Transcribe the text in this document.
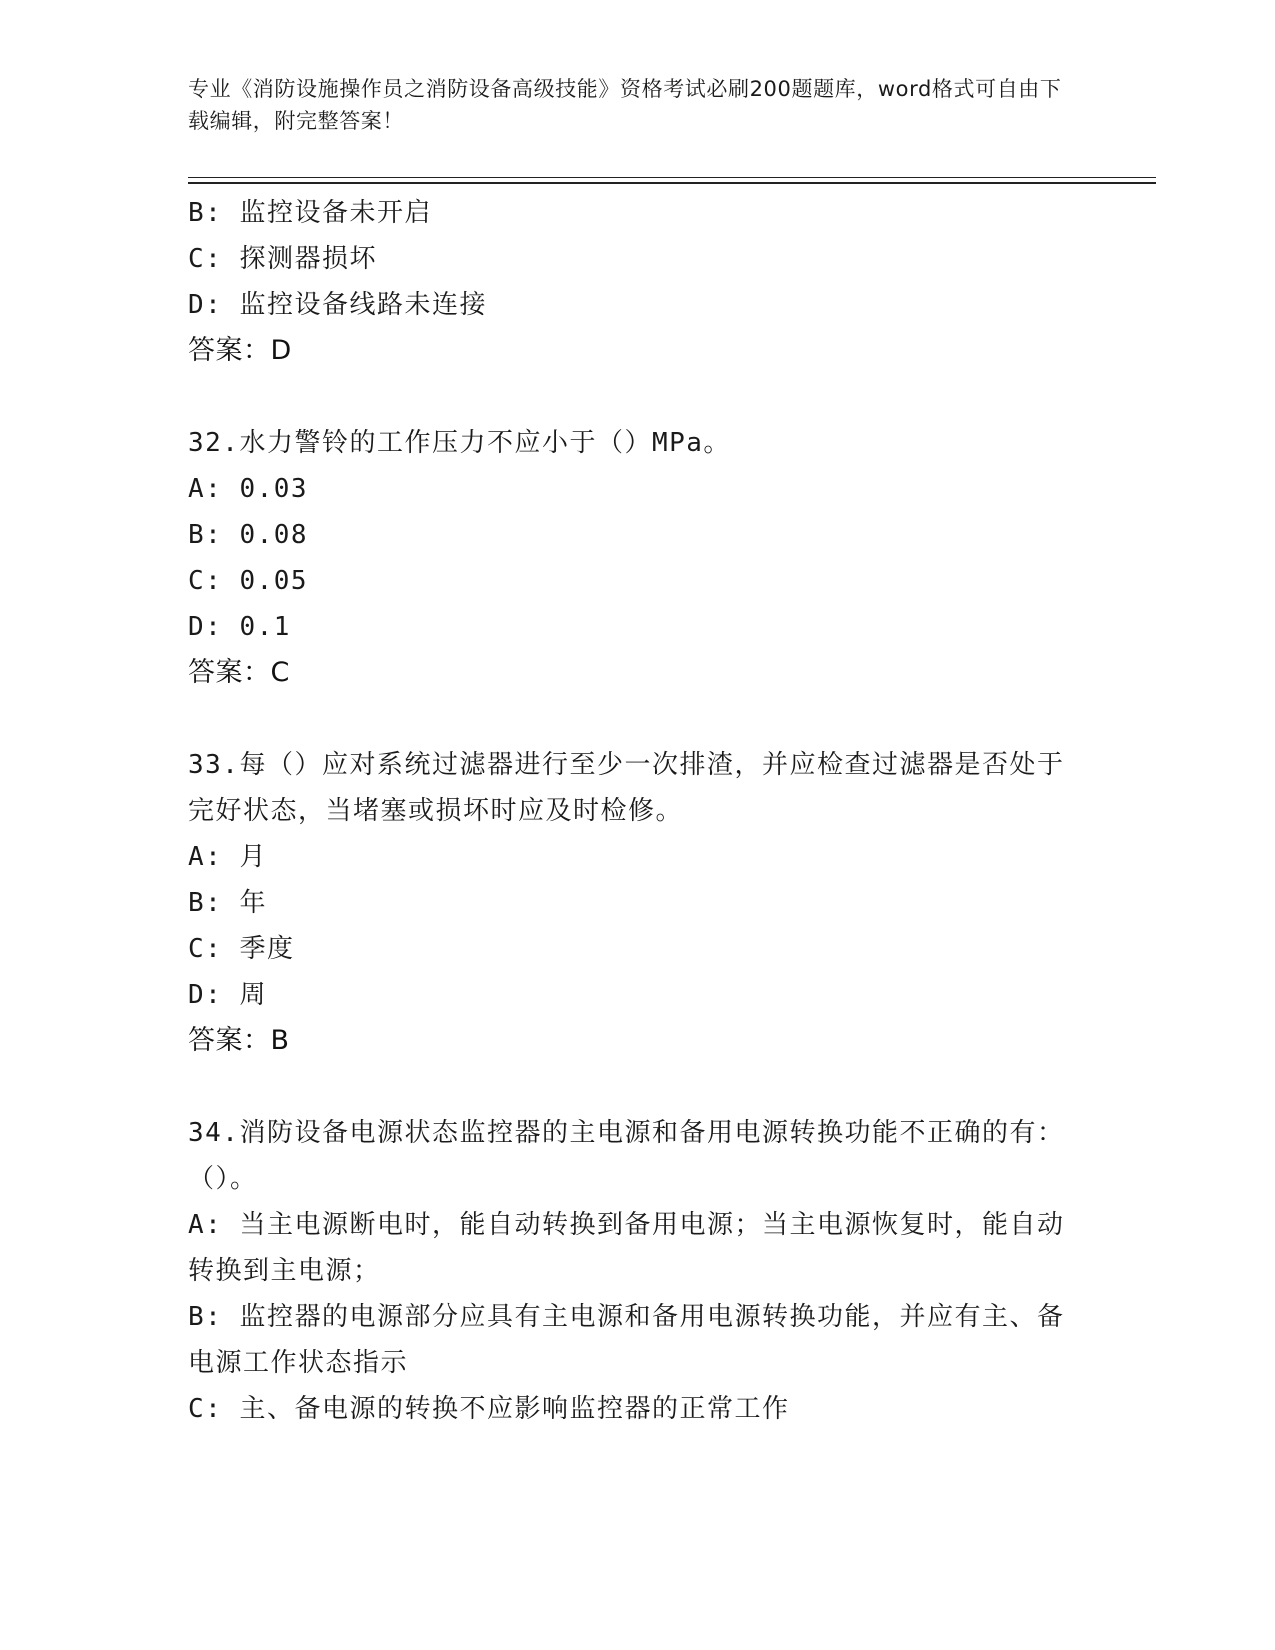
专业《消防设施操作员之消防设备高级技能》资格考试必刷200题题库，word格式可自由下载编辑，附完整答案！
B: 监控设备未开启
C: 探测器损坏
D: 监控设备线路未连接
答案：D
32.水力警铃的工作压力不应小于（）MPa。
A: 0.03
B: 0.08
C: 0.05
D: 0.1
答案：C
33.每（）应对系统过滤器进行至少一次排渣，并应检查过滤器是否处于完好状态，当堵塞或损坏时应及时检修。
A: 月
B: 年
C: 季度
D: 周
答案：B
34.消防设备电源状态监控器的主电源和备用电源转换功能不正确的有：（）。
A: 当主电源断电时，能自动转换到备用电源；当主电源恢复时，能自动转换到主电源；
B: 监控器的电源部分应具有主电源和备用电源转换功能，并应有主、备电源工作状态指示
C: 主、备电源的转换不应影响监控器的正常工作
